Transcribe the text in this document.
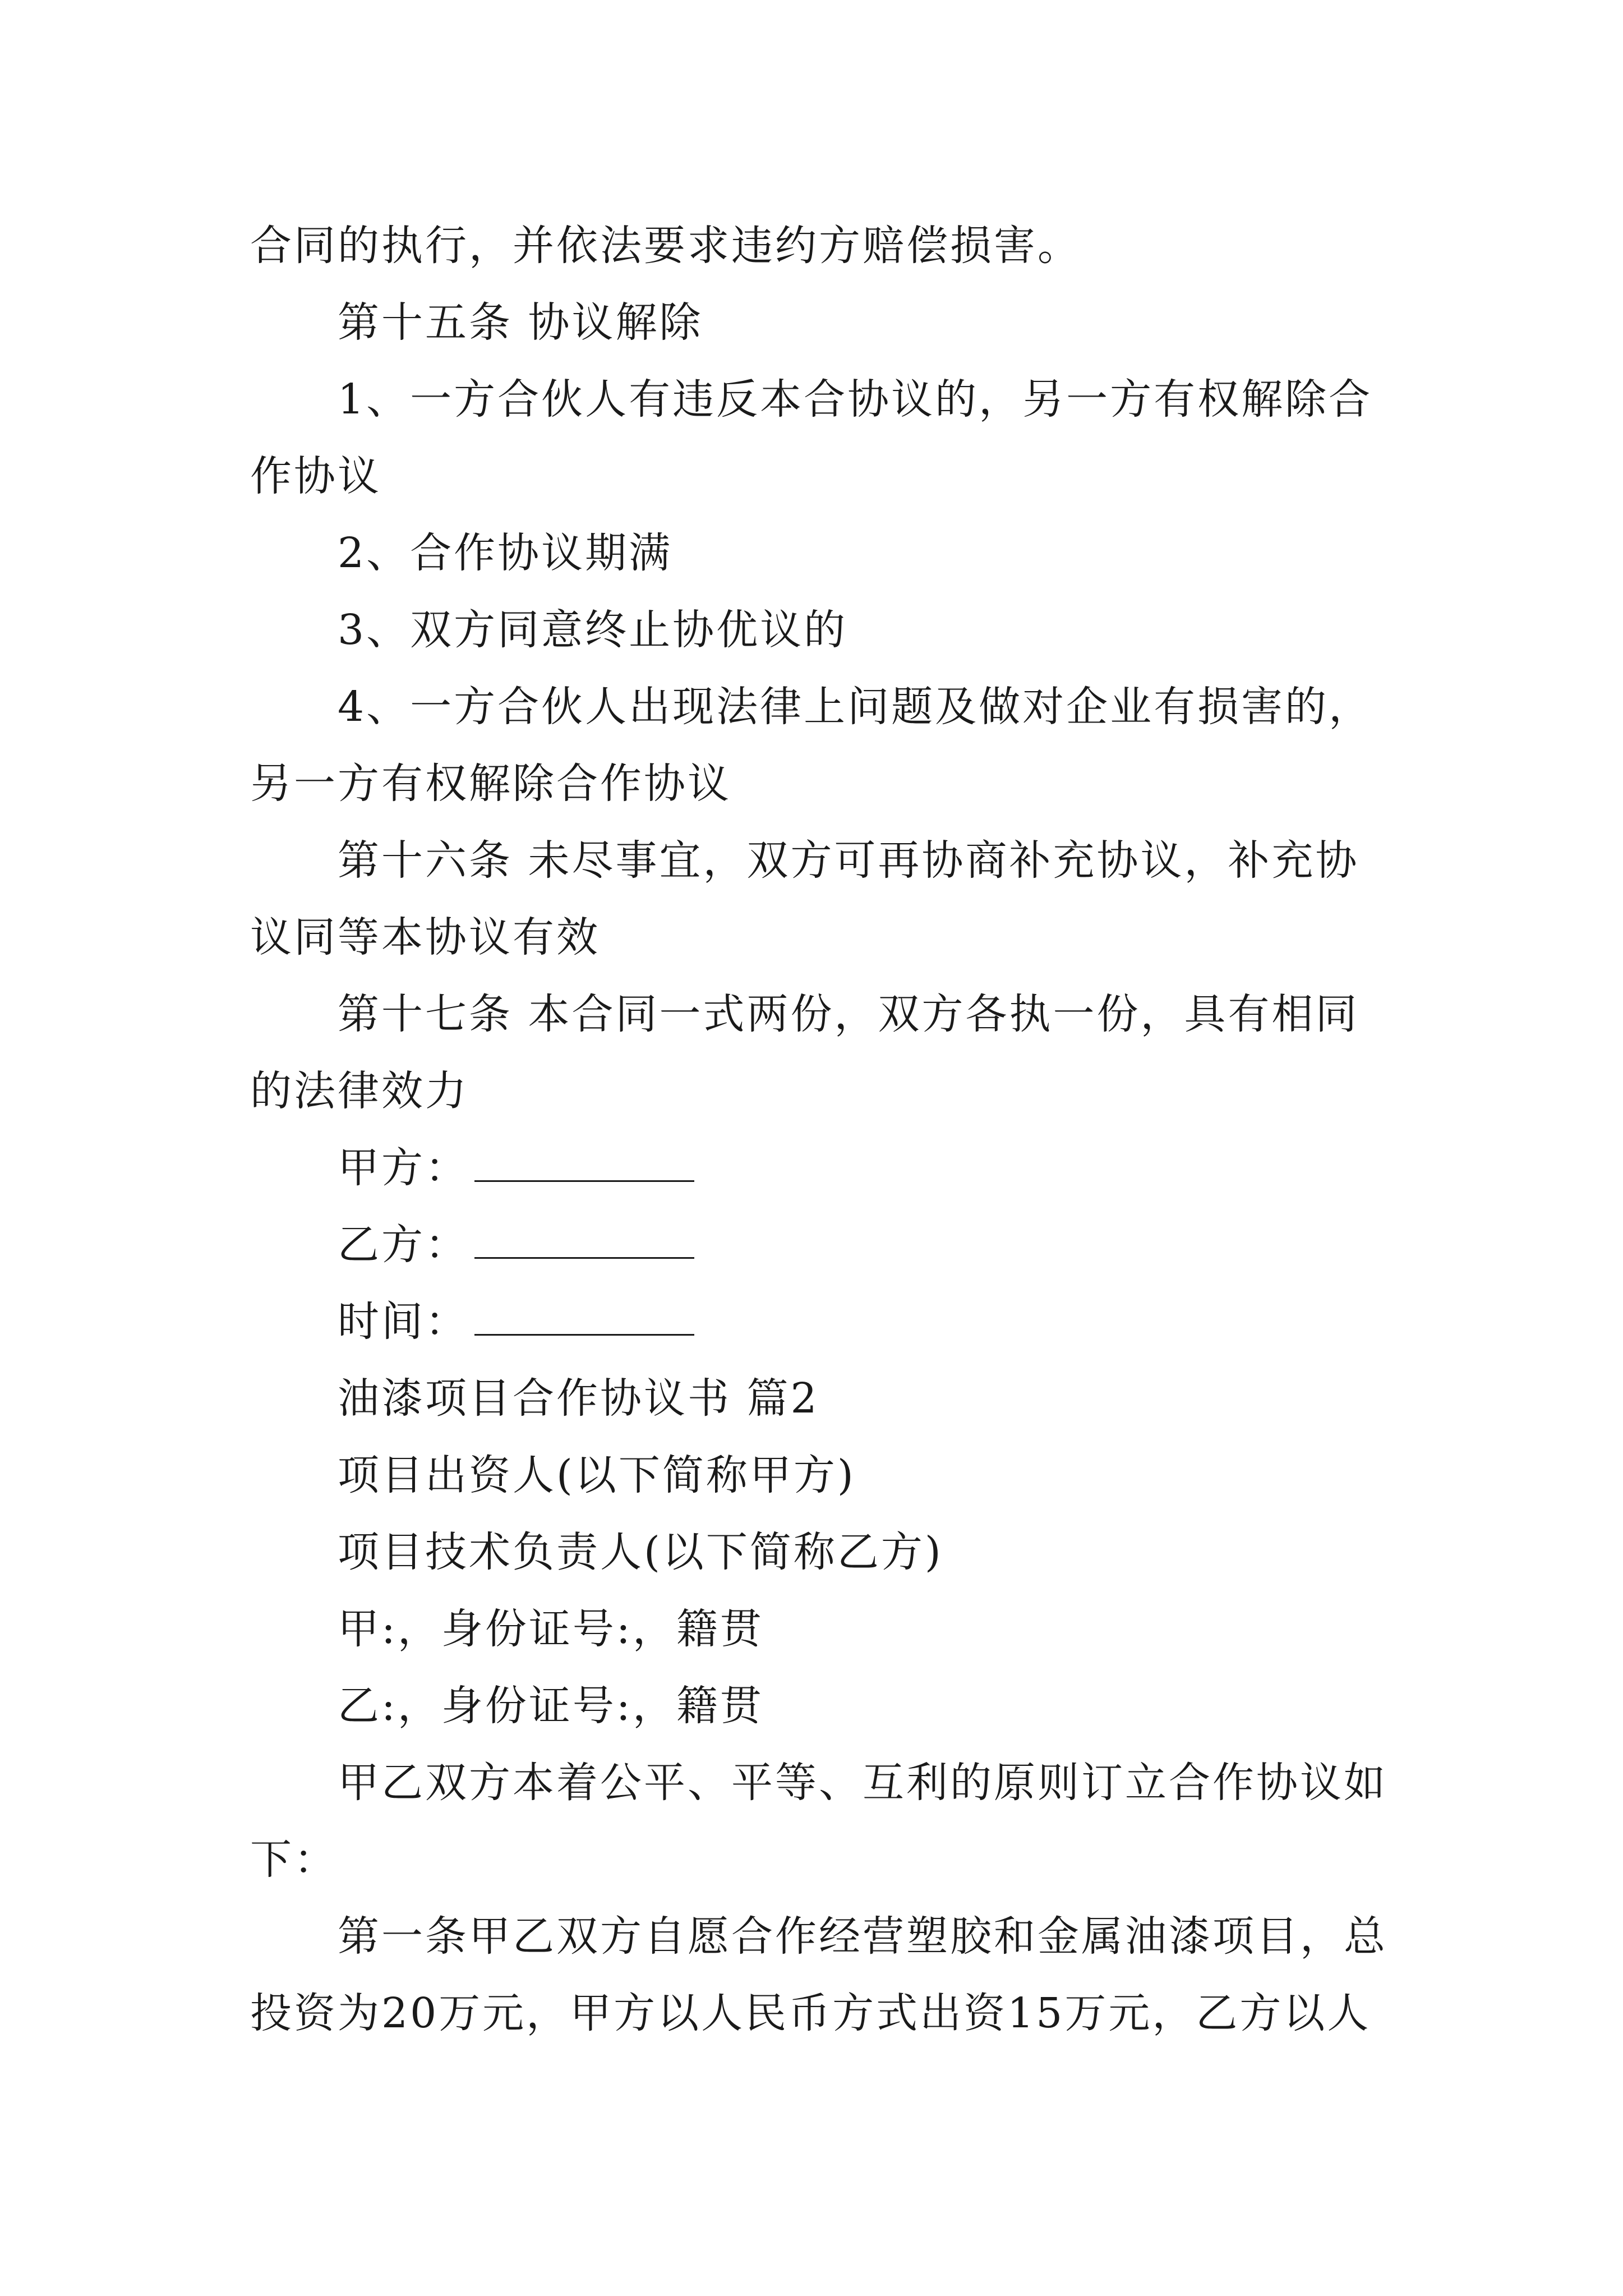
合同的执行，并依法要求违约方赔偿损害。
第十五条 协议解除
1、一方合伙人有违反本合协议的，另一方有权解除合
作协议
2、合作协议期满
3、双方同意终止协优议的
4、一方合伙人出现法律上问题及做对企业有损害的，
另一方有权解除合作协议
第十六条 未尽事宜，双方可再协商补充协议，补充协
议同等本协议有效
第十七条 本合同一式两份，双方各执一份，具有相同
的法律效力
甲方：
乙方：
时间：
油漆项目合作协议书 篇2
项目出资人(以下简称甲方)
项目技术负责人(以下简称乙方)
甲:，身份证号:，籍贯
乙:，身份证号:，籍贯
甲乙双方本着公平、平等、互利的原则订立合作协议如
下：
第一条甲乙双方自愿合作经营塑胶和金属油漆项目，总
投资为20万元，甲方以人民币方式出资15万元，乙方以人
